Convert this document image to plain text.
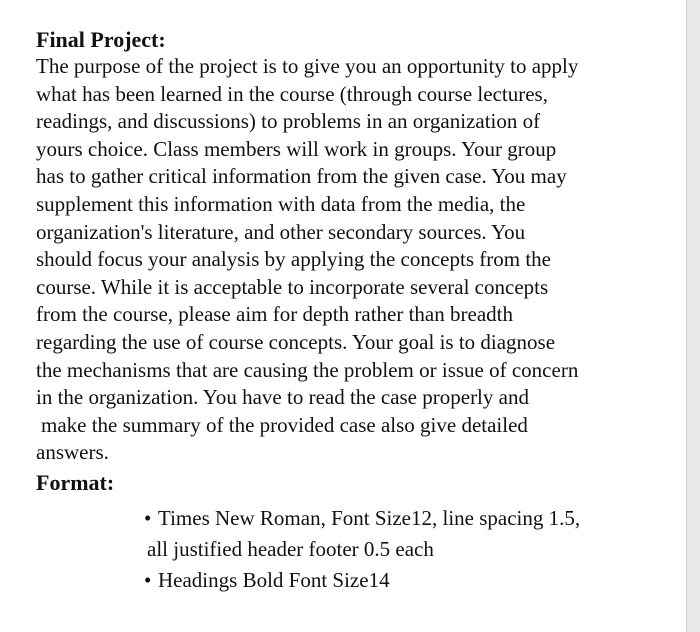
Final Project:

The purpose of the project is to give you an opportunity to apply
what has been learned in the course (through course lectures,
readings, and discussions) to problems in an organization of
yours choice. Class members will work in groups. Your group
has to gather critical information from the given case. You may
supplement this information with data from the media, the
organization's literature, and other secondary sources. You
should focus your analysis by applying the concepts from the
course. While it is acceptable to incorporate several concepts
from the course, please aim for depth rather than breadth
regarding the use of course concepts. Your goal is to diagnose
the mechanisms that are causing the problem or issue of concern
in the organization. You have to read the case properly and
make the summary of the provided case also give detailed
answers.

Format:

• Times New Roman, Font Size12, line spacing 1.5,
all justified header footer 0.5 each
• Headings Bold Font Size14
